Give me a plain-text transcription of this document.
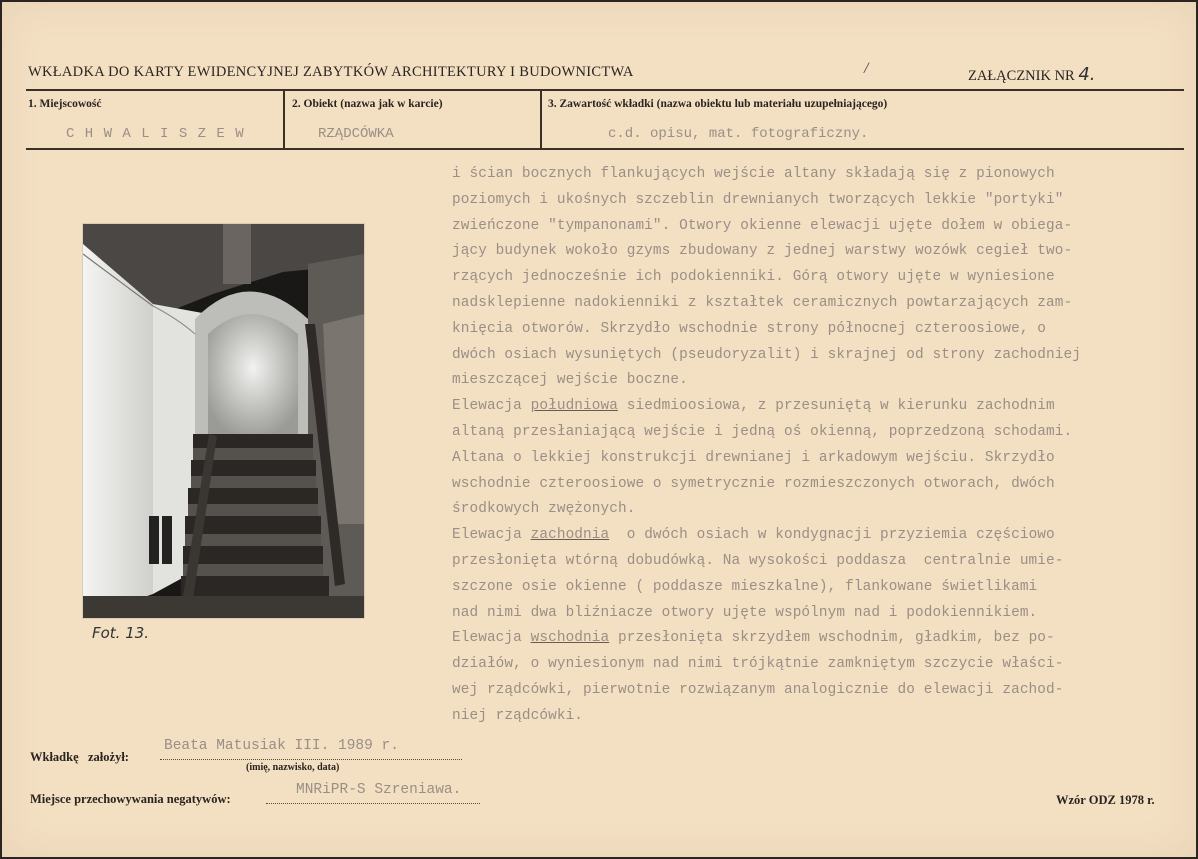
WKŁADKA DO KARTY EWIDENCYJNEJ ZABYTKÓW ARCHITEKTURY I BUDOWNICTWA	/	ZAŁĄCZNIK NR 4.
1. Miejscowość	2. Obiekt (nazwa jak w karcie)	3. Zawartość wkładki (nazwa obiektu lub materiału uzupełniającego)
C H W A L I S Z E W	RZĄDCÓWKA	c.d. opisu, mat. fotograficzny.
Fot. 13.
i ścian bocznych flankujących wejście altany składają się z pionowych
poziomych i ukośnych szczeblin drewnianych tworzących lekkie "portyki"
zwieńczone "tympanonami". Otwory okienne elewacji ujęte dołem w obiega-
jący budynek wokoło gzyms zbudowany z jednej warstwy wozówk cegieł two-
rzących jednocześnie ich podokienniki. Górą otwory ujęte w wyniesione
nadsklepienne nadokienniki z kształtek ceramicznych powtarzających zam-
knięcia otworów. Skrzydło wschodnie strony północnej czteroosiowe, o
dwóch osiach wysuniętych (pseudoryzalit) i skrajnej od strony zachodniej
mieszczącej wejście boczne.
Elewacja południowa siedmioosiowa, z przesuniętą w kierunku zachodnim
altaną przesłaniającą wejście i jedną oś okienną, poprzedzoną schodami.
Altana o lekkiej konstrukcji drewnianej i arkadowym wejściu. Skrzydło
wschodnie czteroosiowe o symetrycznie rozmieszczonych otworach, dwóch
środkowych zwężonych.
Elewacja zachodnia  o dwóch osiach w kondygnacji przyziemia częściowo
przesłonięta wtórną dobudówką. Na wysokości poddasza  centralnie umie-
szczone osie okienne ( poddasze mieszkalne), flankowane świetlikami
nad nimi dwa bliźniacze otwory ujęte wspólnym nad i podokiennikiem.
Elewacja wschodnia przesłonięta skrzydłem wschodnim, gładkim, bez po-
działów, o wyniesionym nad nimi trójkątnie zamkniętym szczycie właści-
wej rządcówki, pierwotnie rozwiązanym analogicznie do elewacji zachod-
niej rządcówki.
Wkładkę   założył:
Beata Matusiak III. 1989 r.
(imię, nazwisko, data)
Miejsce przechowywania negatywów:
MNRiPR-S Szreniawa.
Wzór ODZ 1978 r.
